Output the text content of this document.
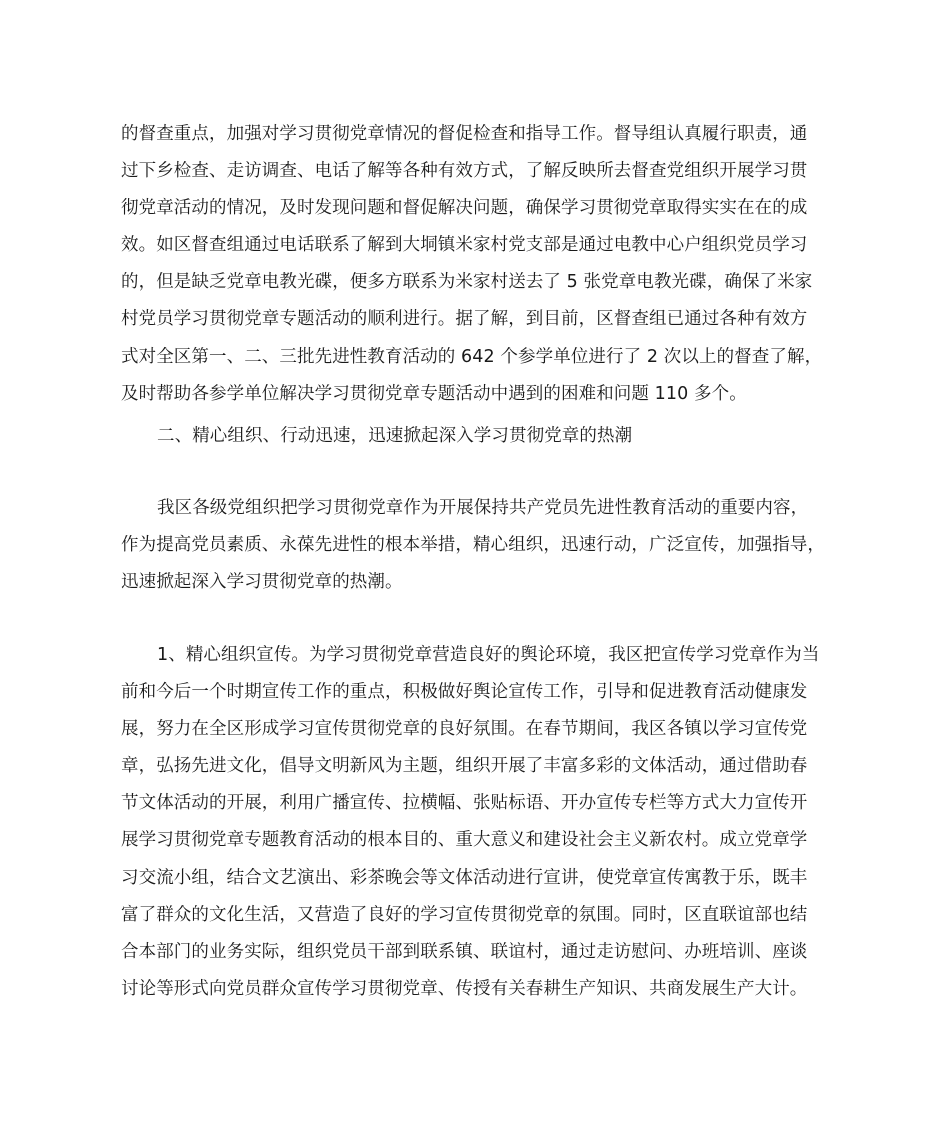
的督查重点，加强对学习贯彻党章情况的督促检查和指导工作。督导组认真履行职责，通
过下乡检查、走访调查、电话了解等各种有效方式，了解反映所去督查党组织开展学习贯
彻党章活动的情况，及时发现问题和督促解决问题，确保学习贯彻党章取得实实在在的成
效。如区督查组通过电话联系了解到大垌镇米家村党支部是通过电教中心户组织党员学习
的，但是缺乏党章电教光碟，便多方联系为米家村送去了 5 张党章电教光碟，确保了米家
村党员学习贯彻党章专题活动的顺利进行。据了解，到目前，区督查组已通过各种有效方
式对全区第一、二、三批先进性教育活动的 642 个参学单位进行了 2 次以上的督查了解，
及时帮助各参学单位解决学习贯彻党章专题活动中遇到的困难和问题 110 多个。
二、精心组织、行动迅速，迅速掀起深入学习贯彻党章的热潮
我区各级党组织把学习贯彻党章作为开展保持共产党员先进性教育活动的重要内容，
作为提高党员素质、永葆先进性的根本举措，精心组织，迅速行动，广泛宣传，加强指导，
迅速掀起深入学习贯彻党章的热潮。
1、精心组织宣传。为学习贯彻党章营造良好的舆论环境，我区把宣传学习党章作为当
前和今后一个时期宣传工作的重点，积极做好舆论宣传工作，引导和促进教育活动健康发
展，努力在全区形成学习宣传贯彻党章的良好氛围。在春节期间，我区各镇以学习宣传党
章，弘扬先进文化，倡导文明新风为主题，组织开展了丰富多彩的文体活动，通过借助春
节文体活动的开展，利用广播宣传、拉横幅、张贴标语、开办宣传专栏等方式大力宣传开
展学习贯彻党章专题教育活动的根本目的、重大意义和建设社会主义新农村。成立党章学
习交流小组，结合文艺演出、彩茶晚会等文体活动进行宣讲，使党章宣传寓教于乐，既丰
富了群众的文化生活，又营造了良好的学习宣传贯彻党章的氛围。同时，区直联谊部也结
合本部门的业务实际，组织党员干部到联系镇、联谊村，通过走访慰问、办班培训、座谈
讨论等形式向党员群众宣传学习贯彻党章、传授有关春耕生产知识、共商发展生产大计。
